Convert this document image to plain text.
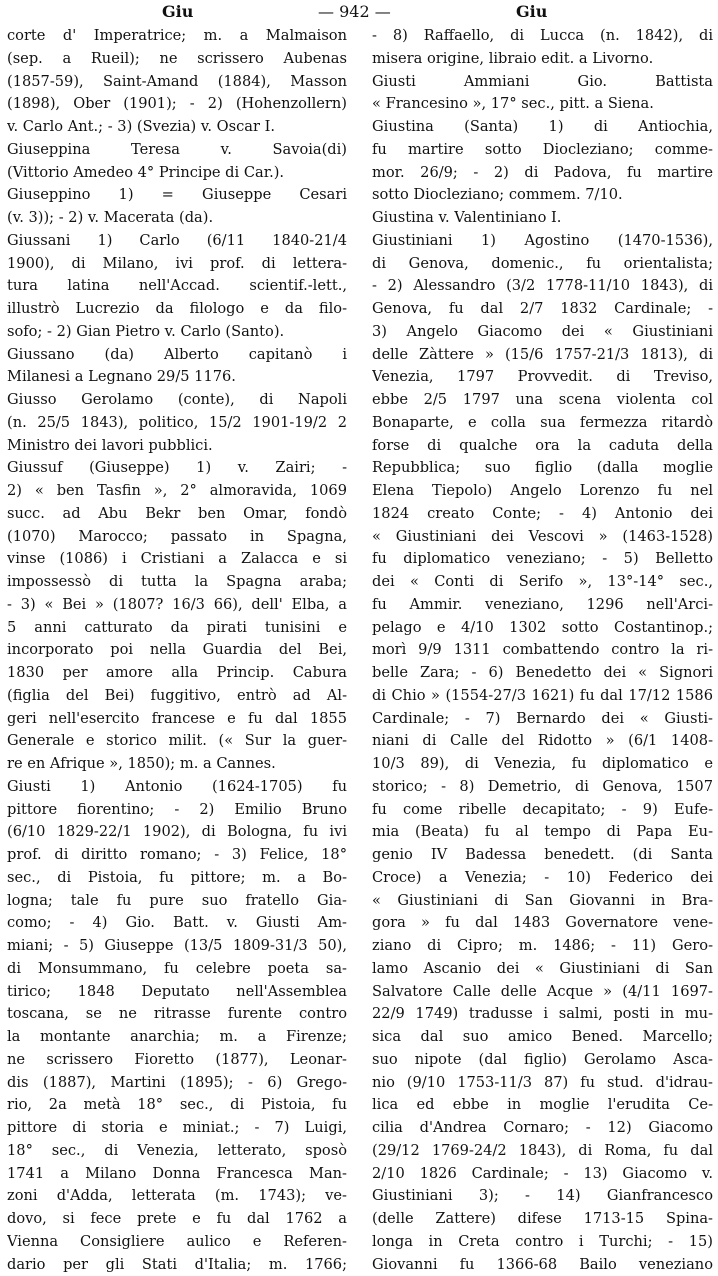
Giu	— 942 —	Giu
corte d' Imperatrice; m. a Malmaison
(sep. a Rueil); ne scrissero Aubenas
(1857-59), Saint-Amand (1884), Masson
(1898), Ober (1901); - 2) (Hohenzollern)
v. Carlo Ant.; - 3) (Svezia) v. Oscar I.
Giuseppina Teresa v. Savoia(di)
(Vittorio Amedeo 4° Principe di Car.).
Giuseppino 1) = Giuseppe Cesari
(v. 3)); - 2) v. Macerata (da).
Giussani 1) Carlo (6/11 1840-21/4
1900), di Milano, ivi prof. di lettera-
tura latina nell'Accad. scientif.-lett.,
illustrò Lucrezio da filologo e da filo-
sofo; - 2) Gian Pietro v. Carlo (Santo).
Giussano (da) Alberto capitanò i
Milanesi a Legnano 29/5 1176.
Giusso Gerolamo (conte), di Napoli
(n. 25/5 1843), politico, 15/2 1901-19/2 2
Ministro dei lavori pubblici.
Giussuf (Giuseppe) 1) v. Zairi; -
2) « ben Tasfin », 2° almoravida, 1069
succ. ad Abu Bekr ben Omar, fondò
(1070) Marocco; passato in Spagna,
vinse (1086) i Cristiani a Zalacca e si
impossessò di tutta la Spagna araba;
- 3) « Bei » (1807? 16/3 66), dell' Elba, a
5 anni catturato da pirati tunisini e
incorporato poi nella Guardia del Bei,
1830 per amore alla Princip. Cabura
(figlia del Bei) fuggitivo, entrò ad Al-
geri nell'esercito francese e fu dal 1855
Generale e storico milit. (« Sur la guer-
re en Afrique », 1850); m. a Cannes.
Giusti 1) Antonio (1624-1705) fu
pittore fiorentino; - 2) Emilio Bruno
(6/10 1829-22/1 1902), di Bologna, fu ivi
prof. di diritto romano; - 3) Felice, 18°
sec., di Pistoia, fu pittore; m. a Bo-
logna; tale fu pure suo fratello Gia-
como; - 4) Gio. Batt. v. Giusti Am-
miani; - 5) Giuseppe (13/5 1809-31/3 50),
di Monsummano, fu celebre poeta sa-
tirico; 1848 Deputato nell'Assemblea
toscana, se ne ritrasse furente contro
la montante anarchia; m. a Firenze;
ne scrissero Fioretto (1877), Leonar-
dis (1887), Martini (1895); - 6) Grego-
rio, 2a metà 18° sec., di Pistoia, fu
pittore di storia e miniat.; - 7) Luigi,
18° sec., di Venezia, letterato, sposò
1741 a Milano Donna Francesca Man-
zoni d'Adda, letterata (m. 1743); ve-
dovo, si fece prete e fu dal 1762 a
Vienna Consigliere aulico e Referen-
dario per gli Stati d'Italia; m. 1766;
- 8) Raffaello, di Lucca (n. 1842), di
misera origine, libraio edit. a Livorno.
Giusti Ammiani Gio. Battista
« Francesino », 17° sec., pitt. a Siena.
Giustina (Santa) 1) di Antiochia,
fu martire sotto Diocleziano; comme-
mor. 26/9; - 2) di Padova, fu martire
sotto Diocleziano; commem. 7/10.
Giustina v. Valentiniano I.
Giustiniani 1) Agostino (1470-1536),
di Genova, domenic., fu orientalista;
- 2) Alessandro (3/2 1778-11/10 1843), di
Genova, fu dal 2/7 1832 Cardinale; -
3) Angelo Giacomo dei « Giustiniani
delle Zàttere » (15/6 1757-21/3 1813), di
Venezia, 1797 Provvedit. di Treviso,
ebbe 2/5 1797 una scena violenta col
Bonaparte, e colla sua fermezza ritardò
forse di qualche ora la caduta della
Repubblica; suo figlio (dalla moglie
Elena Tiepolo) Angelo Lorenzo fu nel
1824 creato Conte; - 4) Antonio dei
« Giustiniani dei Vescovi » (1463-1528)
fu diplomatico veneziano; - 5) Belletto
dei « Conti di Serifo », 13°-14° sec.,
fu Ammir. veneziano, 1296 nell'Arci-
pelago e 4/10 1302 sotto Costantinop.;
morì 9/9 1311 combattendo contro la ri-
belle Zara; - 6) Benedetto dei « Signori
di Chio » (1554-27/3 1621) fu dal 17/12 1586
Cardinale; - 7) Bernardo dei « Giusti-
niani di Calle del Ridotto » (6/1 1408-
10/3 89), di Venezia, fu diplomatico e
storico; - 8) Demetrio, di Genova, 1507
fu come ribelle decapitato; - 9) Eufe-
mia (Beata) fu al tempo di Papa Eu-
genio IV Badessa benedett. (di Santa
Croce) a Venezia; - 10) Federico dei
« Giustiniani di San Giovanni in Bra-
gora » fu dal 1483 Governatore vene-
ziano di Cipro; m. 1486; - 11) Gero-
lamo Ascanio dei « Giustiniani di San
Salvatore Calle delle Acque » (4/11 1697-
22/9 1749) tradusse i salmi, posti in mu-
sica dal suo amico Bened. Marcello;
suo nipote (dal figlio) Gerolamo Asca-
nio (9/10 1753-11/3 87) fu stud. d'idrau-
lica ed ebbe in moglie l'erudita Ce-
cilia d'Andrea Cornaro; - 12) Giacomo
(29/12 1769-24/2 1843), di Roma, fu dal
2/10 1826 Cardinale; - 13) Giacomo v.
Giustiniani 3); - 14) Gianfrancesco
(delle Zattere) difese 1713-15 Spina-
longa in Creta contro i Turchi; - 15)
Giovanni fu 1366-68 Bailo veneziano
